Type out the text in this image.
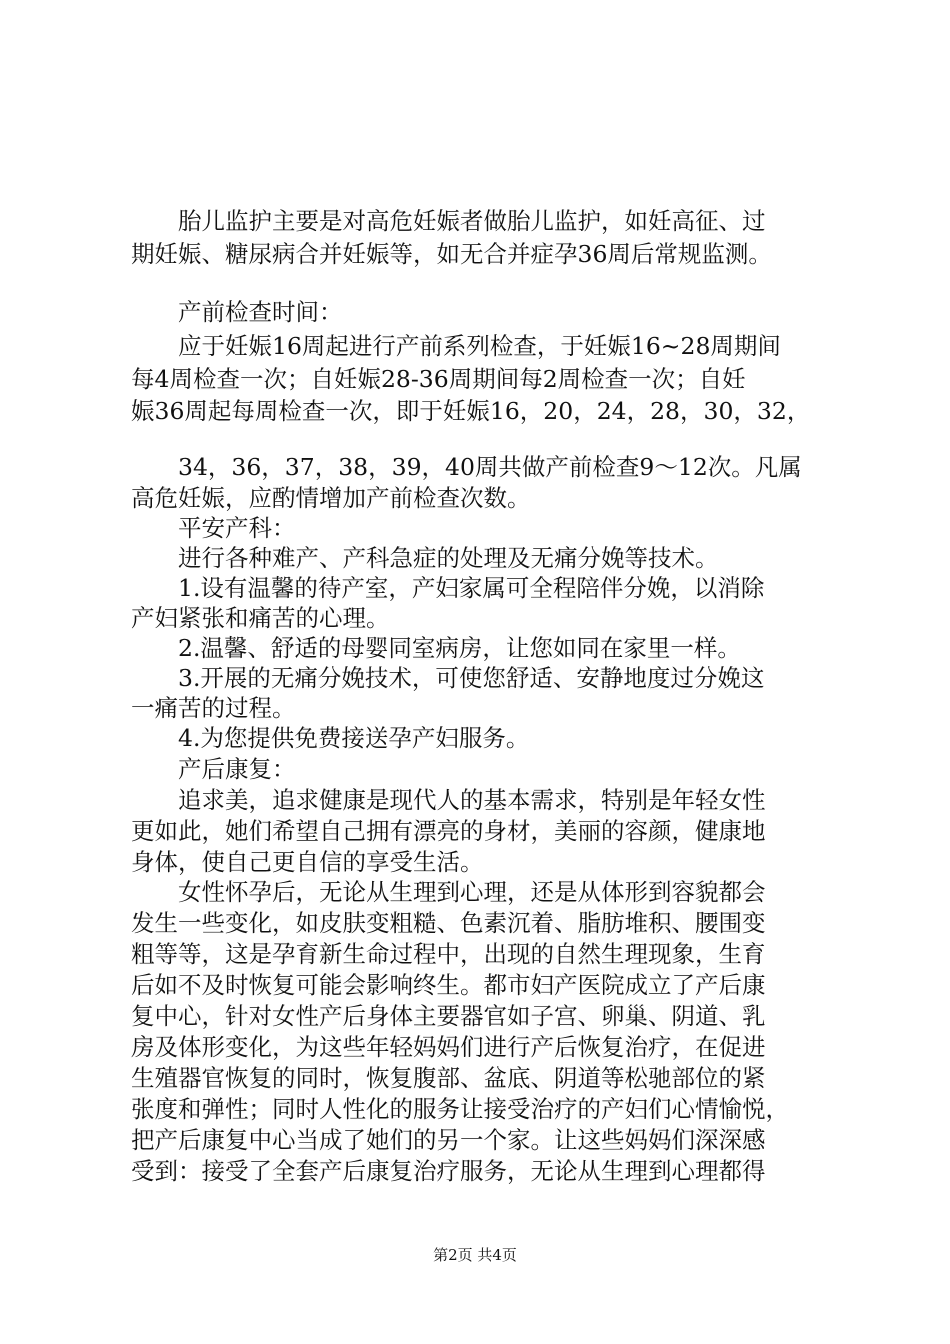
胎儿监护主要是对高危妊娠者做胎儿监护，如妊高征、过
期妊娠、糖尿病合并妊娠等，如无合并症孕36周后常规监测。
产前检查时间：
应于妊娠16周起进行产前系列检查，于妊娠16~28周期间
每4周检查一次；自妊娠28-36周期间每2周检查一次；自妊
娠36周起每周检查一次，即于妊娠16，20，24，28，30，32，
34，36，37，38，39，40周共做产前检查9～12次。凡属
高危妊娠，应酌情增加产前检查次数。
平安产科：
进行各种难产、产科急症的处理及无痛分娩等技术。
1.设有温馨的待产室，产妇家属可全程陪伴分娩，以消除
产妇紧张和痛苦的心理。
2.温馨、舒适的母婴同室病房，让您如同在家里一样。
3.开展的无痛分娩技术，可使您舒适、安静地度过分娩这
一痛苦的过程。
4.为您提供免费接送孕产妇服务。
产后康复：
追求美，追求健康是现代人的基本需求，特别是年轻女性
更如此，她们希望自己拥有漂亮的身材，美丽的容颜，健康地
身体，使自己更自信的享受生活。
女性怀孕后，无论从生理到心理，还是从体形到容貌都会
发生一些变化，如皮肤变粗糙、色素沉着、脂肪堆积、腰围变
粗等等，这是孕育新生命过程中，出现的自然生理现象，生育
后如不及时恢复可能会影响终生。都市妇产医院成立了产后康
复中心，针对女性产后身体主要器官如子宫、卵巢、阴道、乳
房及体形变化，为这些年轻妈妈们进行产后恢复治疗，在促进
生殖器官恢复的同时，恢复腹部、盆底、阴道等松驰部位的紧
张度和弹性；同时人性化的服务让接受治疗的产妇们心情愉悦，
把产后康复中心当成了她们的另一个家。让这些妈妈们深深感
受到：接受了全套产后康复治疗服务，无论从生理到心理都得
第2页 共4页
